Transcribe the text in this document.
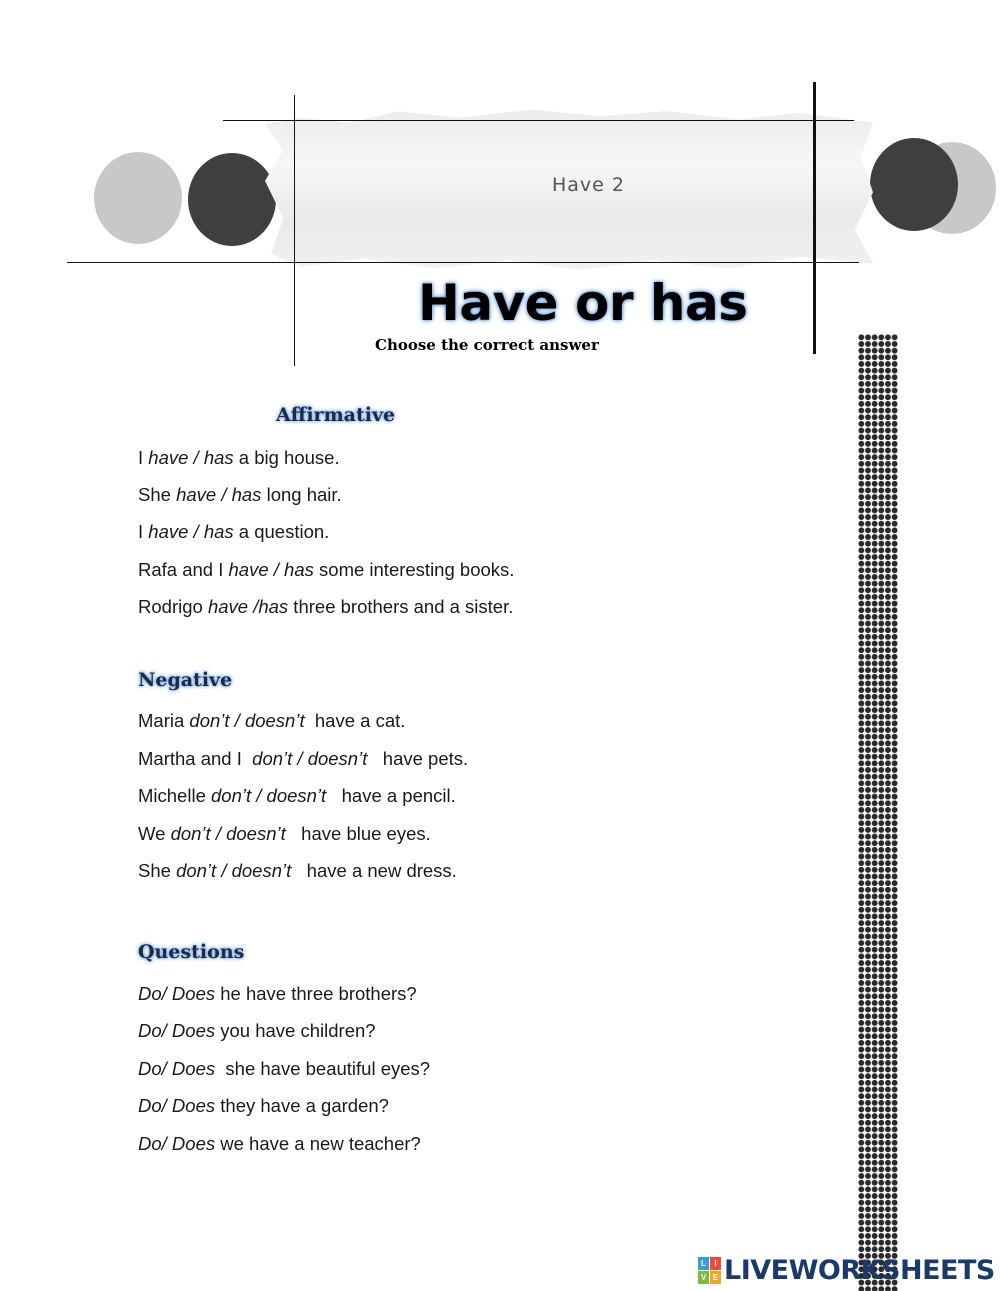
Have 2
Have or has
Choose the correct answer
Affirmative
I have / has a big house.
She have / has long hair.
I have / has a question.
Rafa and I have / has some interesting books.
Rodrigo have /has three brothers and a sister.
Negative
Maria don’t / doesn’t  have a cat.
Martha and I  don’t / doesn’t   have pets.
Michelle don’t / doesn’t   have a pencil.
We don’t / doesn’t   have blue eyes.
She don’t / doesn’t   have a new dress.
Questions
Do/ Does he have three brothers?
Do/ Does you have children?
Do/ Does  she have beautiful eyes?
Do/ Does they have a garden?
Do/ Does we have a new teacher?
L	I
V E LIVEWORKSHEETS
